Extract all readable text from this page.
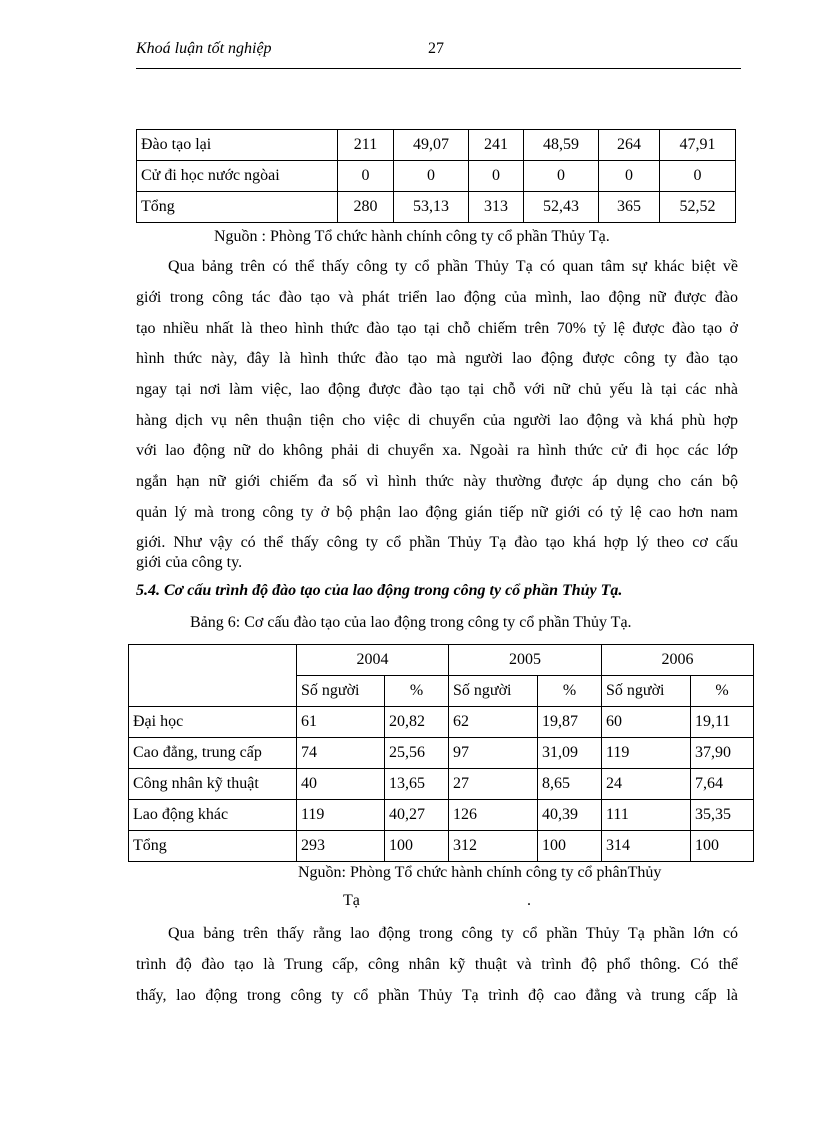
Khoá luận tốt nghiệp	27
Đào tạo lại	211	49,07	241	48,59	264	47,91
Cử đi học nước ngòai	0	0	0	0	0	0
Tổng	280	53,13	313	52,43	365	52,52
Nguồn : Phòng Tổ chức hành chính công ty cổ phần Thủy Tạ.
Qua bảng trên có thể thấy công ty cổ phần Thủy Tạ có quan tâm sự khác biệt về
giới trong công tác đào tạo và phát triển lao động của mình, lao động nữ được đào
tạo nhiều nhất là theo hình thức đào tạo tại chỗ chiếm trên 70% tỷ lệ được đào tạo ở
hình thức này, đây là hình thức đào tạo mà người lao động được công ty đào tạo
ngay tại nơi làm việc, lao động được đào tạo tại chỗ với nữ chủ yếu là tại các nhà
hàng dịch vụ nên thuận tiện cho việc di chuyển của người lao động và khá phù hợp
với lao động nữ do không phải di chuyển xa. Ngoài ra hình thức cử đi học các lớp
ngắn hạn nữ giới chiếm đa số vì hình thức này thường được áp dụng cho cán bộ
quản lý mà trong công ty ở bộ phận lao động gián tiếp nữ giới có tỷ lệ cao hơn nam
giới. Như vậy có thể thấy công ty cổ phần Thủy Tạ đào tạo khá hợp lý theo cơ cấu
giới của công ty.
5.4. Cơ cấu trình độ đào tạo của lao động trong công ty cổ phần Thủy Tạ.
Bảng 6: Cơ cấu đào tạo của lao động trong công ty cổ phần Thủy Tạ.
	2004		2005		2006	
	Số người	%	Số người	%	Số người	%
Đại học	61	20,82	62	19,87	60	19,11
Cao đẳng, trung cấp	74	25,56	97	31,09	119	37,90
Công nhân kỹ thuật	40	13,65	27	8,65	24	7,64
Lao động khác	119	40,27	126	40,39	111	35,35
Tổng	293	100	312	100	314	100
Nguồn: Phòng Tổ chức hành chính công ty cổ phânThủy
Tạ	.
Qua bảng trên thấy rằng lao động trong công ty cổ phần Thủy Tạ phần lớn có
trình độ đào tạo là Trung cấp, công nhân kỹ thuật và trình độ phổ thông. Có thể
thấy, lao động trong công ty cổ phần Thủy Tạ trình độ cao đẳng và trung cấp là
